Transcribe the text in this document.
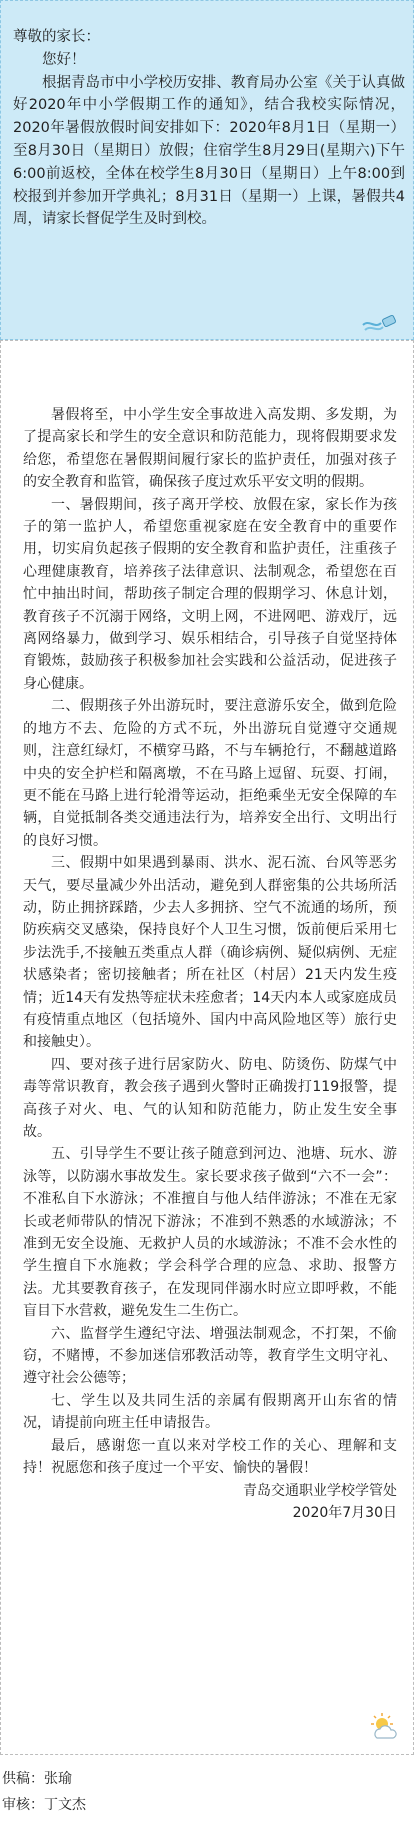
尊敬的家长：

您好！

根据青岛市中小学校历安排、教育局办公室《关于认真做好2020年中小学假期工作的通知》，结合我校实际情况，2020年暑假放假时间安排如下：2020年8月1日（星期一）至8月30日（星期日）放假；住宿学生8月29日(星期六)下午6:00前返校，全体在校学生8月30日（星期日）上午8:00到校报到并参加开学典礼；8月31日（星期一）上课，暑假共4周，请家长督促学生及时到校。

暑假将至，中小学生安全事故进入高发期、多发期，为了提高家长和学生的安全意识和防范能力，现将假期要求发给您，希望您在暑假期间履行家长的监护责任，加强对孩子的安全教育和监管，确保孩子度过欢乐平安文明的假期。

一、暑假期间，孩子离开学校、放假在家，家长作为孩子的第一监护人，希望您重视家庭在安全教育中的重要作用，切实肩负起孩子假期的安全教育和监护责任，注重孩子心理健康教育，培养孩子法律意识、法制观念，希望您在百忙中抽出时间，帮助孩子制定合理的假期学习、休息计划，教育孩子不沉溺于网络，文明上网，不进网吧、游戏厅，远离网络暴力，做到学习、娱乐相结合，引导孩子自觉坚持体育锻炼，鼓励孩子积极参加社会实践和公益活动，促进孩子身心健康。

二、假期孩子外出游玩时，要注意游乐安全，做到危险的地方不去、危险的方式不玩，外出游玩自觉遵守交通规则，注意红绿灯，不横穿马路，不与车辆抢行，不翻越道路中央的安全护栏和隔离墩，不在马路上逗留、玩耍、打闹，更不能在马路上进行轮滑等运动，拒绝乘坐无安全保障的车辆，自觉抵制各类交通违法行为，培养安全出行、文明出行的良好习惯。

三、假期中如果遇到暴雨、洪水、泥石流、台风等恶劣天气，要尽量减少外出活动，避免到人群密集的公共场所活动，防止拥挤踩踏，少去人多拥挤、空气不流通的场所，预防疾病交叉感染，保持良好个人卫生习惯，饭前便后采用七步法洗手,不接触五类重点人群（确诊病例、疑似病例、无症状感染者；密切接触者；所在社区（村居）21天内发生疫情；近14天有发热等症状未痊愈者；14天内本人或家庭成员有疫情重点地区（包括境外、国内中高风险地区等）旅行史和接触史）。

四、要对孩子进行居家防火、防电、防烫伤、防煤气中毒等常识教育，教会孩子遇到火警时正确拨打119报警，提高孩子对火、电、气的认知和防范能力，防止发生安全事故。

五、引导学生不要让孩子随意到河边、池塘、玩水、游泳等，以防溺水事故发生。家长要求孩子做到“六不一会”：不准私自下水游泳；不准擅自与他人结伴游泳；不准在无家长或老师带队的情况下游泳；不准到不熟悉的水域游泳；不准到无安全设施、无救护人员的水域游泳；不准不会水性的学生擅自下水施救；学会科学合理的应急、求助、报警方法。尤其要教育孩子，在发现同伴溺水时应立即呼救，不能盲目下水营救，避免发生二生伤亡。

六、监督学生遵纪守法、增强法制观念，不打架，不偷窃，不赌博，不参加迷信邪教活动等，教育学生文明守礼、遵守社会公德等；

七、学生以及共同生活的亲属有假期离开山东省的情况，请提前向班主任申请报告。

最后，感谢您一直以来对学校工作的关心、理解和支持！祝愿您和孩子度过一个平安、愉快的暑假！

青岛交通职业学校学管处

2020年7月30日

供稿：张瑜
审核：丁文杰
